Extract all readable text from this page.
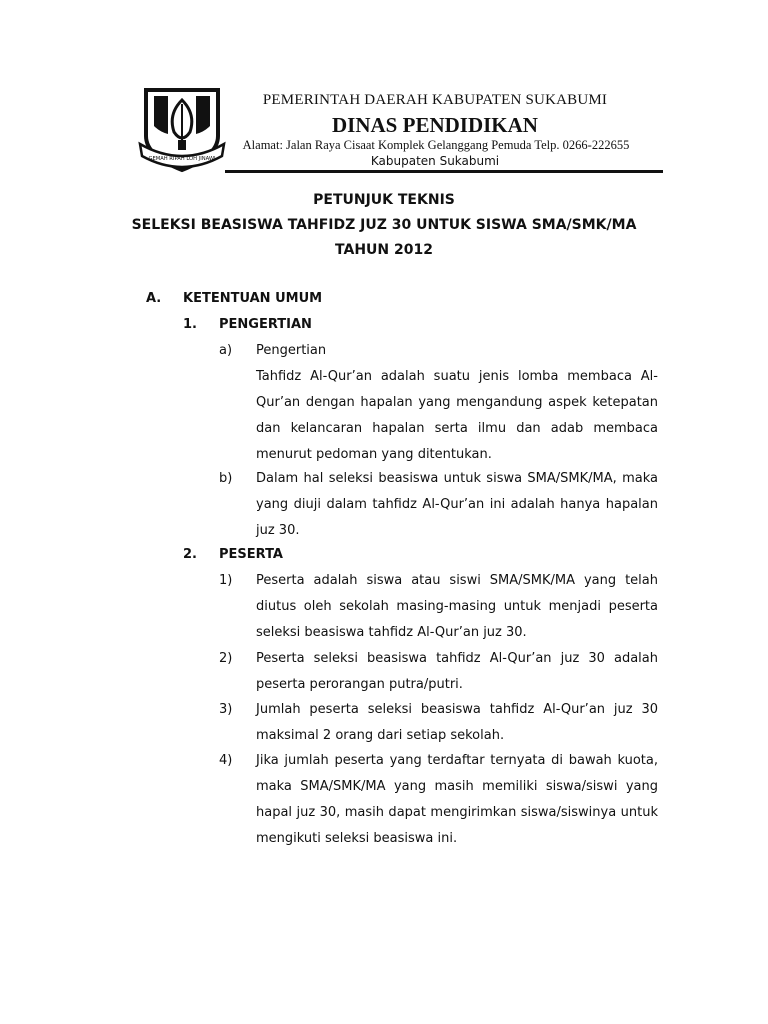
GEMAH RIPAH LOH JINAWI
PEMERINTAH DAERAH KABUPATEN SUKABUMI
DINAS PENDIDIKAN
Alamat: Jalan Raya Cisaat Komplek Gelanggang Pemuda Telp. 0266-222655
Kabupaten Sukabumi
PETUNJUK TEKNIS
SELEKSI BEASISWA TAHFIDZ JUZ 30 UNTUK SISWA SMA/SMK/MA
TAHUN 2012
A. KETENTUAN UMUM
1. PENGERTIAN
a) Pengertian
Tahfidz Al-Qur’an adalah suatu jenis lomba membaca Al-Qur’an dengan hapalan yang mengandung aspek ketepatan dan kelancaran hapalan serta ilmu dan adab membaca menurut pedoman yang ditentukan.
b) Dalam hal seleksi beasiswa untuk siswa SMA/SMK/MA, maka yang diuji dalam tahfidz Al-Qur’an ini adalah hanya hapalan juz 30.
2. PESERTA
1) Peserta adalah siswa atau siswi SMA/SMK/MA yang telah diutus oleh sekolah masing-masing untuk menjadi peserta seleksi beasiswa tahfidz Al-Qur’an juz 30.
2) Peserta seleksi beasiswa tahfidz Al-Qur’an juz 30 adalah peserta perorangan putra/putri.
3) Jumlah peserta seleksi beasiswa tahfidz Al-Qur’an juz 30 maksimal 2 orang dari setiap sekolah.
4) Jika jumlah peserta yang terdaftar ternyata di bawah kuota, maka SMA/SMK/MA yang masih memiliki siswa/siswi yang hapal juz 30, masih dapat mengirimkan siswa/siswinya untuk mengikuti seleksi beasiswa ini.
